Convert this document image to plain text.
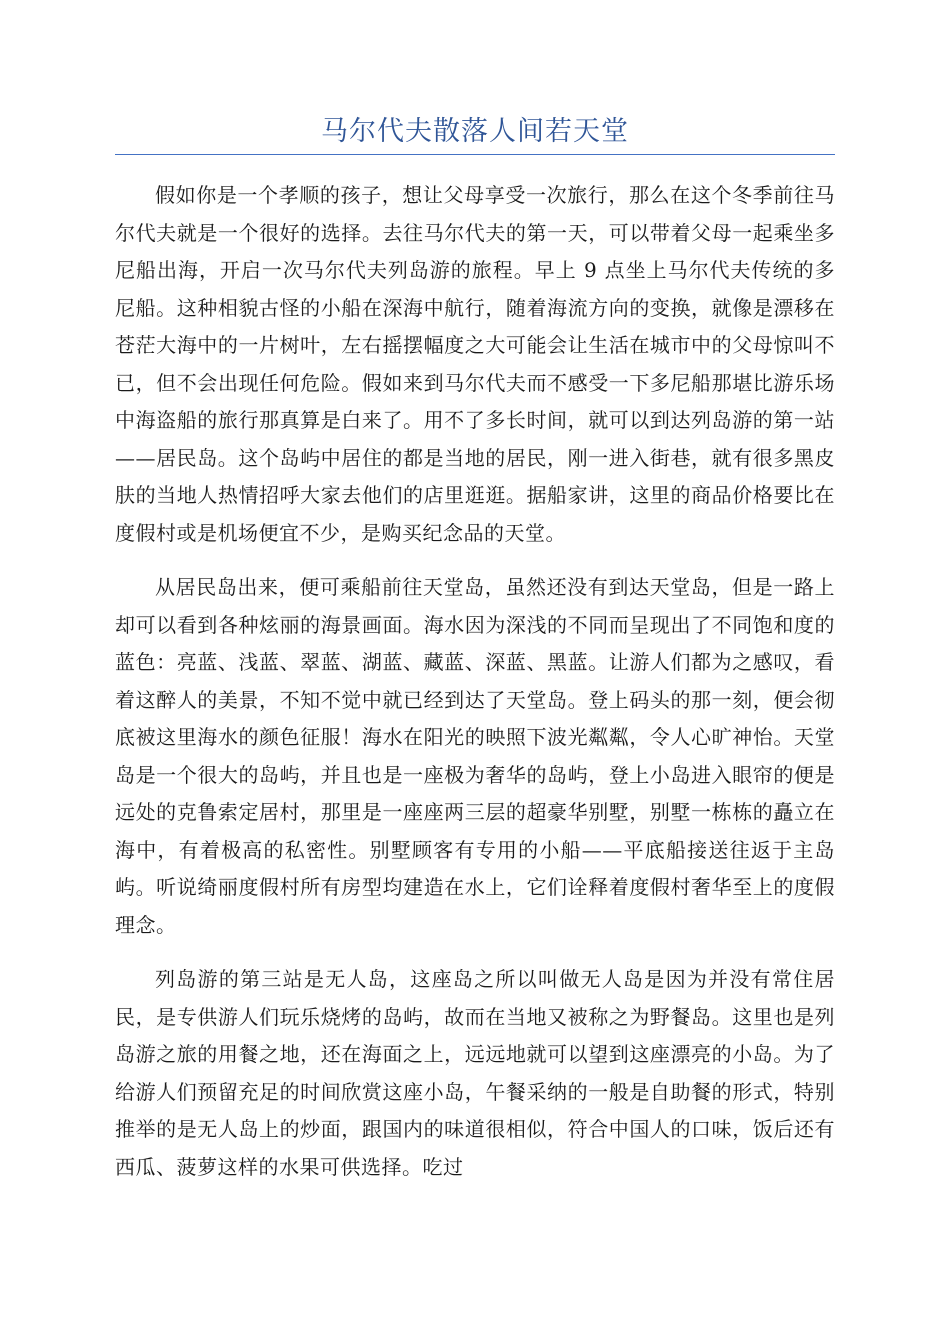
马尔代夫散落人间若天堂

假如你是一个孝顺的孩子，想让父母享受一次旅行，那么在这个冬季前往马尔代夫就是一个很好的选择。去往马尔代夫的第一天，可以带着父母一起乘坐多尼船出海，开启一次马尔代夫列岛游的旅程。早上 9 点坐上马尔代夫传统的多尼船。这种相貌古怪的小船在深海中航行，随着海流方向的变换，就像是漂移在苍茫大海中的一片树叶，左右摇摆幅度之大可能会让生活在城市中的父母惊叫不已，但不会出现任何危险。假如来到马尔代夫而不感受一下多尼船那堪比游乐场中海盗船的旅行那真算是白来了。用不了多长时间，就可以到达列岛游的第一站——居民岛。这个岛屿中居住的都是当地的居民，刚一进入街巷，就有很多黑皮肤的当地人热情招呼大家去他们的店里逛逛。据船家讲，这里的商品价格要比在度假村或是机场便宜不少，是购买纪念品的天堂。

从居民岛出来，便可乘船前往天堂岛，虽然还没有到达天堂岛，但是一路上却可以看到各种炫丽的海景画面。海水因为深浅的不同而呈现出了不同饱和度的蓝色：亮蓝、浅蓝、翠蓝、湖蓝、藏蓝、深蓝、黑蓝。让游人们都为之感叹，看着这醉人的美景，不知不觉中就已经到达了天堂岛。登上码头的那一刻，便会彻底被这里海水的颜色征服！海水在阳光的映照下波光粼粼，令人心旷神怡。天堂岛是一个很大的岛屿，并且也是一座极为奢华的岛屿，登上小岛进入眼帘的便是远处的克鲁索定居村，那里是一座座两三层的超豪华别墅，别墅一栋栋的矗立在海中，有着极高的私密性。别墅顾客有专用的小船——平底船接送往返于主岛屿。听说绮丽度假村所有房型均建造在水上，它们诠释着度假村奢华至上的度假理念。

列岛游的第三站是无人岛，这座岛之所以叫做无人岛是因为并没有常住居民，是专供游人们玩乐烧烤的岛屿，故而在当地又被称之为野餐岛。这里也是列岛游之旅的用餐之地，还在海面之上，远远地就可以望到这座漂亮的小岛。为了给游人们预留充足的时间欣赏这座小岛，午餐采纳的一般是自助餐的形式，特别推举的是无人岛上的炒面，跟国内的味道很相似，符合中国人的口味，饭后还有西瓜、菠萝这样的水果可供选择。吃过
